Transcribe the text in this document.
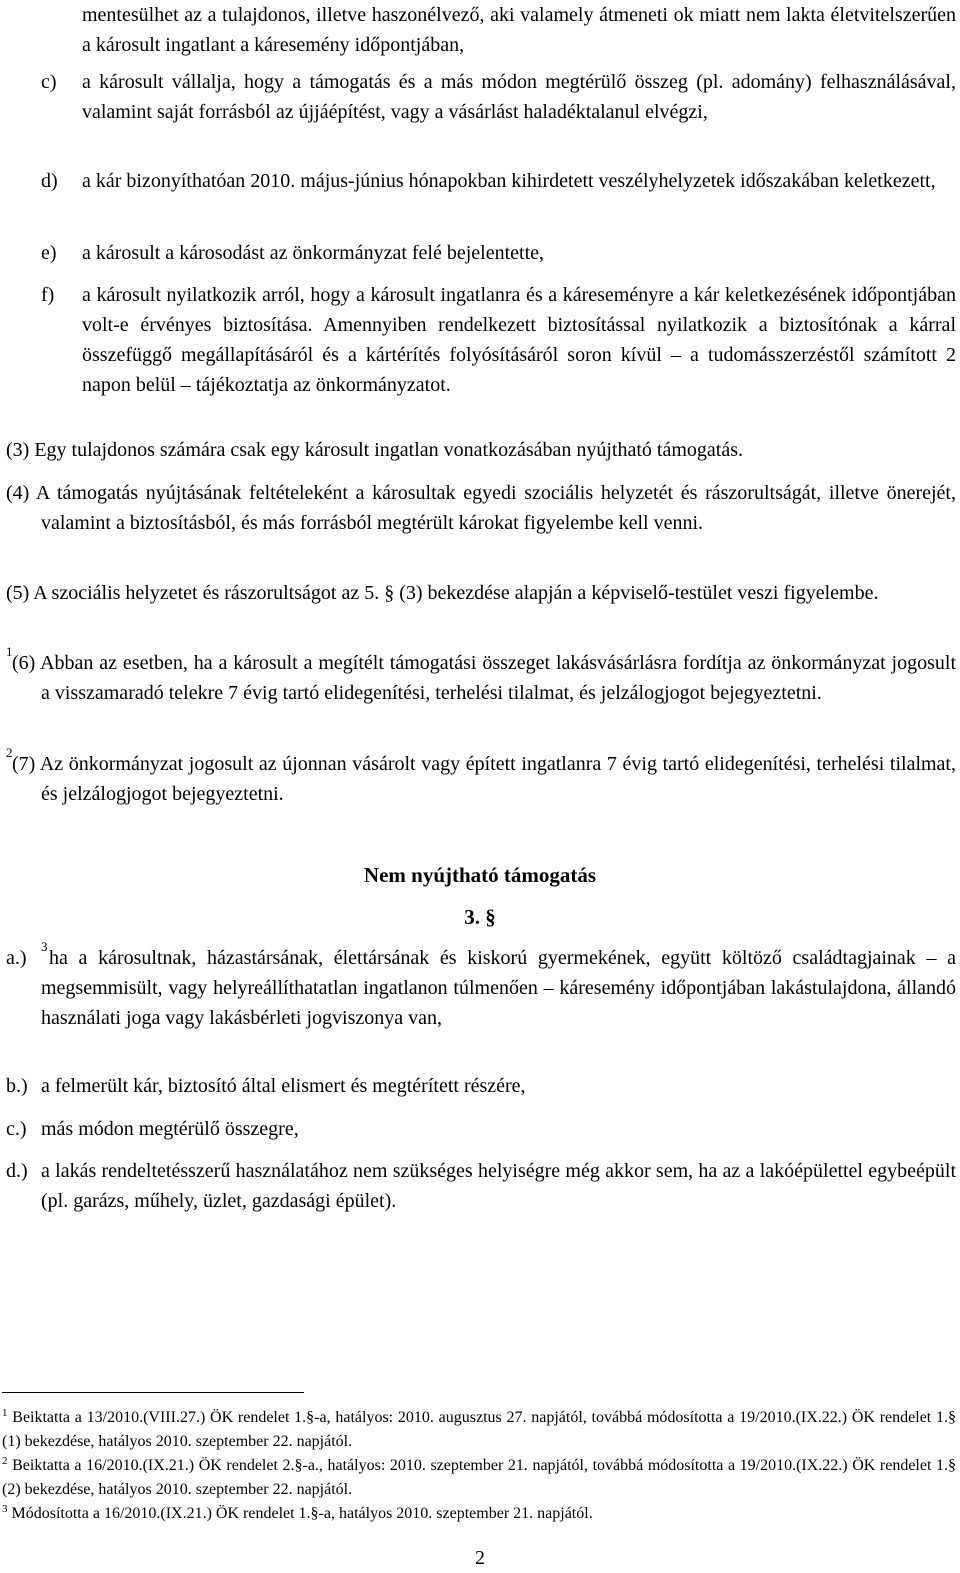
mentesülhet az a tulajdonos, illetve haszonélvező, aki valamely átmeneti ok miatt nem lakta életvitelszerűen a károsult ingatlant a káresemény időpontjában,

c) a károsult vállalja, hogy a támogatás és a más módon megtérülő összeg (pl. adomány) felhasználásával, valamint saját forrásból az újjáépítést, vagy a vásárlást haladéktalanul elvégzi,

d) a kár bizonyíthatóan 2010. május-június hónapokban kihirdetett veszélyhelyzetek időszakában keletkezett,

e) a károsult a károsodást az önkormányzat felé bejelentette,

f) a károsult nyilatkozik arról, hogy a károsult ingatlanra és a káreseményre a kár keletkezésének időpontjában volt-e érvényes biztosítása. Amennyiben rendelkezett biztosítással nyilatkozik a biztosítónak a kárral összefüggő megállapításáról és a kártérítés folyósításáról soron kívül – a tudomásszerzéstől számított 2 napon belül – tájékoztatja az önkormányzatot.

(3) Egy tulajdonos számára csak egy károsult ingatlan vonatkozásában nyújtható támogatás.

(4) A támogatás nyújtásának feltételeként a károsultak egyedi szociális helyzetét és rászorultságát, illetve önerejét, valamint a biztosításból, és más forrásból megtérült károkat figyelembe kell venni.

(5) A szociális helyzetet és rászorultságot az 5. § (3) bekezdése alapján a képviselő-testület veszi figyelembe.

1

(6) Abban az esetben, ha a károsult a megítélt támogatási összeget lakásvásárlásra fordítja az önkormányzat jogosult a visszamaradó telekre 7 évig tartó elidegenítési, terhelési tilalmat, és jelzálogjogot bejegyeztetni.

2

(7) Az önkormányzat jogosult az újonnan vásárolt vagy épített ingatlanra 7 évig tartó elidegenítési, terhelési tilalmat, és jelzálogjogot bejegyeztetni.

Nem nyújtható támogatás
3. §
a.)
3

ha a károsultnak, házastársának, élettársának és kiskorú gyermekének, együtt költöző családtagjainak – a megsemmisült, vagy helyreállíthatatlan ingatlanon túlmenően – káresemény időpontjában lakástulajdona, állandó használati joga vagy lakásbérleti jogviszonya van,

b.) a felmerült kár, biztosító által elismert és megtérített részére,

c.) más módon megtérülő összegre,

d.) a lakás rendeltetésszerű használatához nem szükséges helyiségre még akkor sem, ha az a lakóépülettel egybeépült (pl. garázs, műhely, üzlet, gazdasági épület).

$^1$ Beiktatta a 13/2010.(VIII.27.) ÖK rendelet 1.§-a, hatályos: 2010. augusztus 27. napjától, továbbá módosította a 19/2010.(IX.22.) ÖK rendelet 1.§ (1) bekezdése, hatályos 2010. szeptember 22. napjától.
$^2$ Beiktatta a 16/2010.(IX.21.) ÖK rendelet 2.§-a., hatályos: 2010. szeptember 21. napjától, továbbá módosította a 19/2010.(IX.22.) ÖK rendelet 1.§ (2) bekezdése, hatályos 2010. szeptember 22. napjától.
$^3$ Módosította a 16/2010.(IX.21.) ÖK rendelet 1.§-a, hatályos 2010. szeptember 21. napjától.
2
